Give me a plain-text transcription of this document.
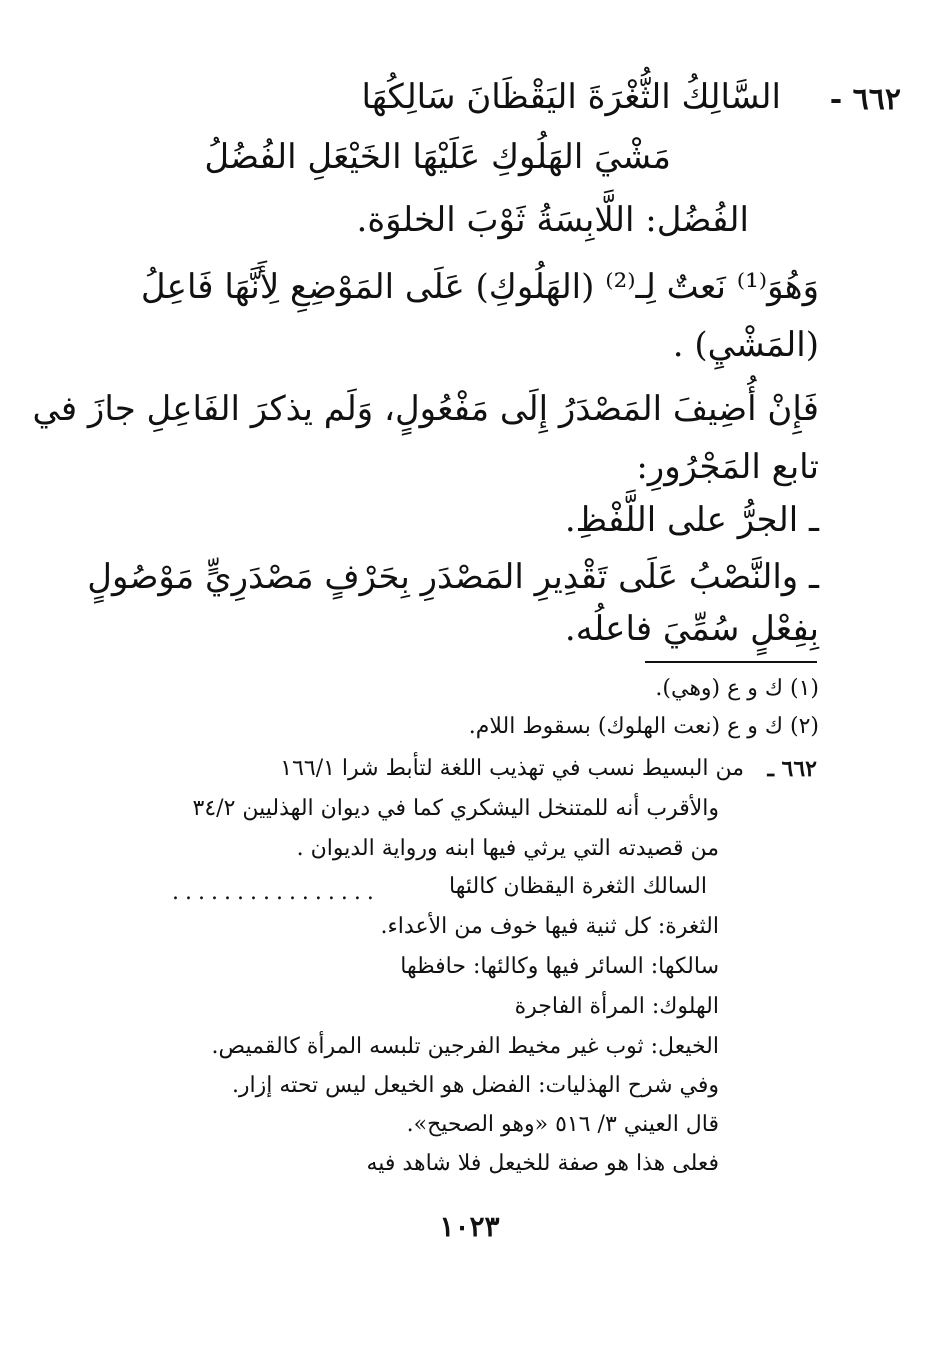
٦٦٢ -
السَّالِكُ الثُّغْرَةَ اليَقْظَانَ سَالِكُهَا
مَشْيَ الهَلُوكِ عَلَيْهَا الخَيْعَلِ الفُضُلُ
الفُضُل: اللَّابِسَةُ ثَوْبَ الخلوَة.
وَهُوَ⁽¹⁾ نَعتٌ لِـ⁽²⁾ (الهَلُوكِ) عَلَى المَوْضِعِ لِأَنَّهَا فَاعِلُ
(المَشْيِ) .
فَإِنْ أُضِيفَ المَصْدَرُ إِلَى مَفْعُولٍ، وَلَم يذكرَ الفَاعِلِ جازَ في
تابع المَجْرُورِ:
ـ الجرُّ على اللَّفْظِ.
ـ والنَّصْبُ عَلَى تَقْدِيرِ المَصْدَرِ بِحَرْفٍ مَصْدَرِيٍّ مَوْصُولٍ
بِفِعْلٍ سُمِّيَ فاعلُه.
(١) ك و ع (وهي).
(٢) ك و ع (نعت الهلوك) بسقوط اللام.
٦٦٢ ـ
من البسيط نسب في تهذيب اللغة لتأبط شرا ١٦٦/١
والأقرب أنه للمتنخل اليشكري كما في ديوان الهذليين ٣٤/٢
من قصيدته التي يرثي فيها ابنه ورواية الديوان .
السالك الثغرة اليقظان كالئها
................
الثغرة: كل ثنية فيها خوف من الأعداء.
سالكها: السائر فيها وكالئها: حافظها
الهلوك: المرأة الفاجرة
الخيعل: ثوب غير مخيط الفرجين تلبسه المرأة كالقميص.
وفي شرح الهذليات: الفضل هو الخيعل ليس تحته إزار.
قال العيني ٣/ ٥١٦ «وهو الصحيح».
فعلى هذا هو صفة للخيعل فلا شاهد فيه
١٠٢٣
